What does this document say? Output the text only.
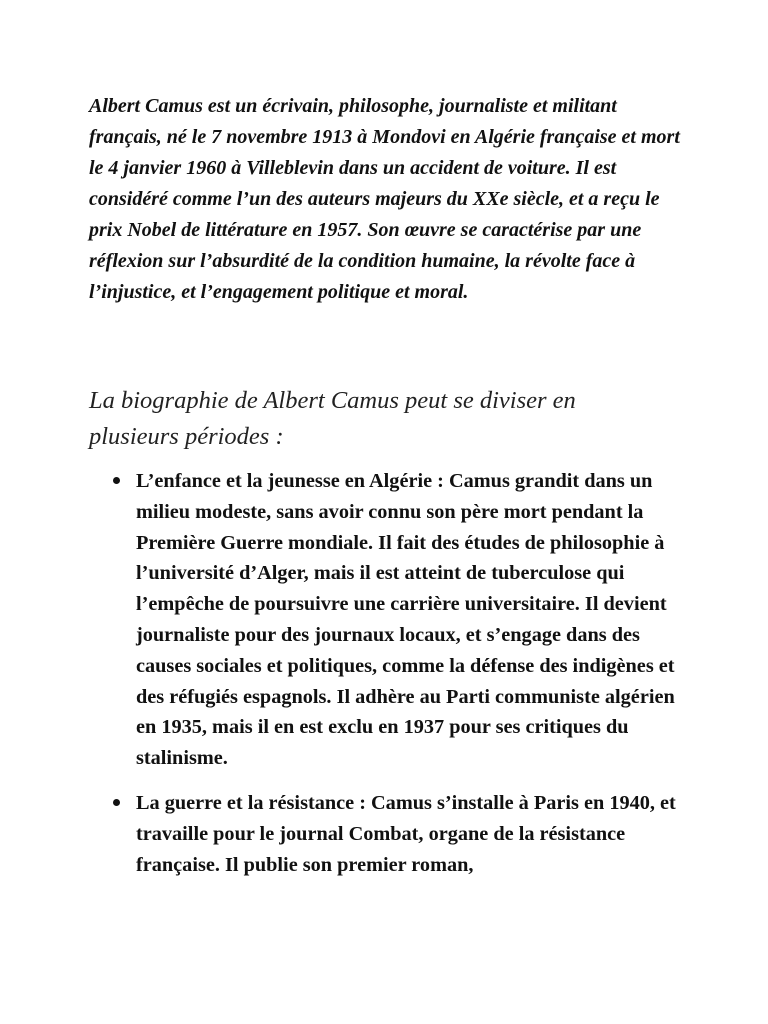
Albert Camus est un écrivain, philosophe, journaliste et militant français, né le 7 novembre 1913 à Mondovi en Algérie française et mort le 4 janvier 1960 à Villeblevin dans un accident de voiture. Il est considéré comme l’un des auteurs majeurs du XXe siècle, et a reçu le prix Nobel de littérature en 1957. Son œuvre se caractérise par une réflexion sur l’absurdité de la condition humaine, la révolte face à l’injustice, et l’engagement politique et moral.

La biographie de Albert Camus peut se diviser en plusieurs périodes :
L’enfance et la jeunesse en Algérie : Camus grandit dans un milieu modeste, sans avoir connu son père mort pendant la Première Guerre mondiale. Il fait des études de philosophie à l’université d’Alger, mais il est atteint de tuberculose qui l’empêche de poursuivre une carrière universitaire. Il devient journaliste pour des journaux locaux, et s’engage dans des causes sociales et politiques, comme la défense des indigènes et des réfugiés espagnols. Il adhère au Parti communiste algérien en 1935, mais il en est exclu en 1937 pour ses critiques du stalinisme.
La guerre et la résistance : Camus s’installe à Paris en 1940, et travaille pour le journal Combat, organe de la résistance française. Il publie son premier roman,
